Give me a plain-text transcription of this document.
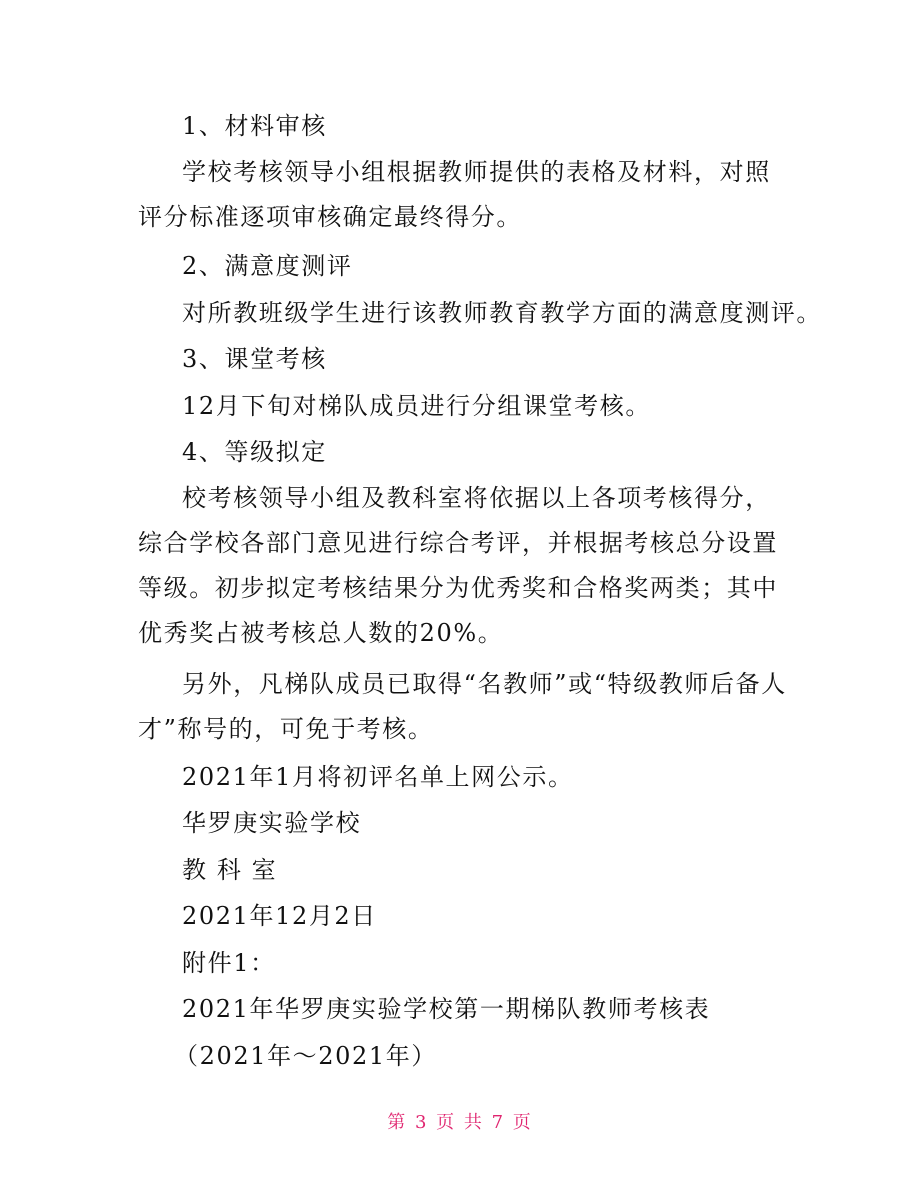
1、材料审核

学校考核领导小组根据教师提供的表格及材料，对照评分标准逐项审核确定最终得分。

2、满意度测评

对所教班级学生进行该教师教育教学方面的满意度测评。

3、课堂考核

12月下旬对梯队成员进行分组课堂考核。

4、等级拟定

校考核领导小组及教科室将依据以上各项考核得分，综合学校各部门意见进行综合考评，并根据考核总分设置等级。初步拟定考核结果分为优秀奖和合格奖两类；其中优秀奖占被考核总人数的20%。

另外，凡梯队成员已取得“名教师”或“特级教师后备人才”称号的，可免于考核。

2021年1月将初评名单上网公示。

华罗庚实验学校

教 科 室

2021年12月2日

附件1：

2021年华罗庚实验学校第一期梯队教师考核表

（2021年～2021年）

第 3 页 共 7 页
